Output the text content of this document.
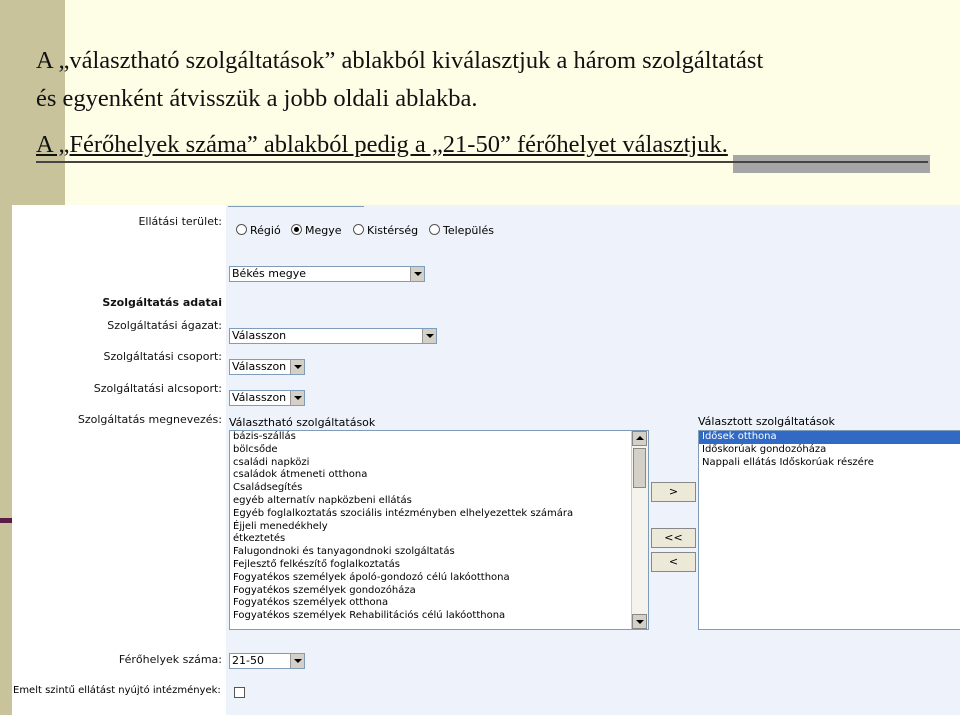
A „választható szolgáltatások” ablakból kiválasztjuk a három szolgáltatást
és egyenként átvisszük a jobb oldali ablakba.
A „Férőhelyek száma” ablakból pedig a „21-50” férőhelyet választjuk.
Ellátási terület:
Régió	Megye	Kistérség	Település
Békés megye
Szolgáltatás adatai
Szolgáltatási ágazat:
Válasszon
Szolgáltatási csoport:
Válasszon
Szolgáltatási alcsoport:
Válasszon
Szolgáltatás megnevezés: Választható szolgáltatások	Választott szolgáltatások
bázis-szállás
bölcsőde
családi napközi
családok átmeneti otthona
Családsegítés
egyéb alternatív napközbeni ellátás
Egyéb foglalkoztatás szociális intézményben elhelyezettek számára
Éjjeli menedékhely
étkeztetés
Falugondnoki és tanyagondnoki szolgáltatás
Fejlesztő felkészítő foglalkoztatás
Fogyatékos személyek ápoló-gondozó célú lakóotthona
Fogyatékos személyek gondozóháza
Fogyatékos személyek otthona
Fogyatékos személyek Rehabilitációs célú lakóotthona
>
<<
<
Idősek otthona
Időskorúak gondozóháza
Nappali ellátás Időskorúak részére
Férőhelyek száma: 21-50
Emelt szintű ellátást nyújtó intézmények:
